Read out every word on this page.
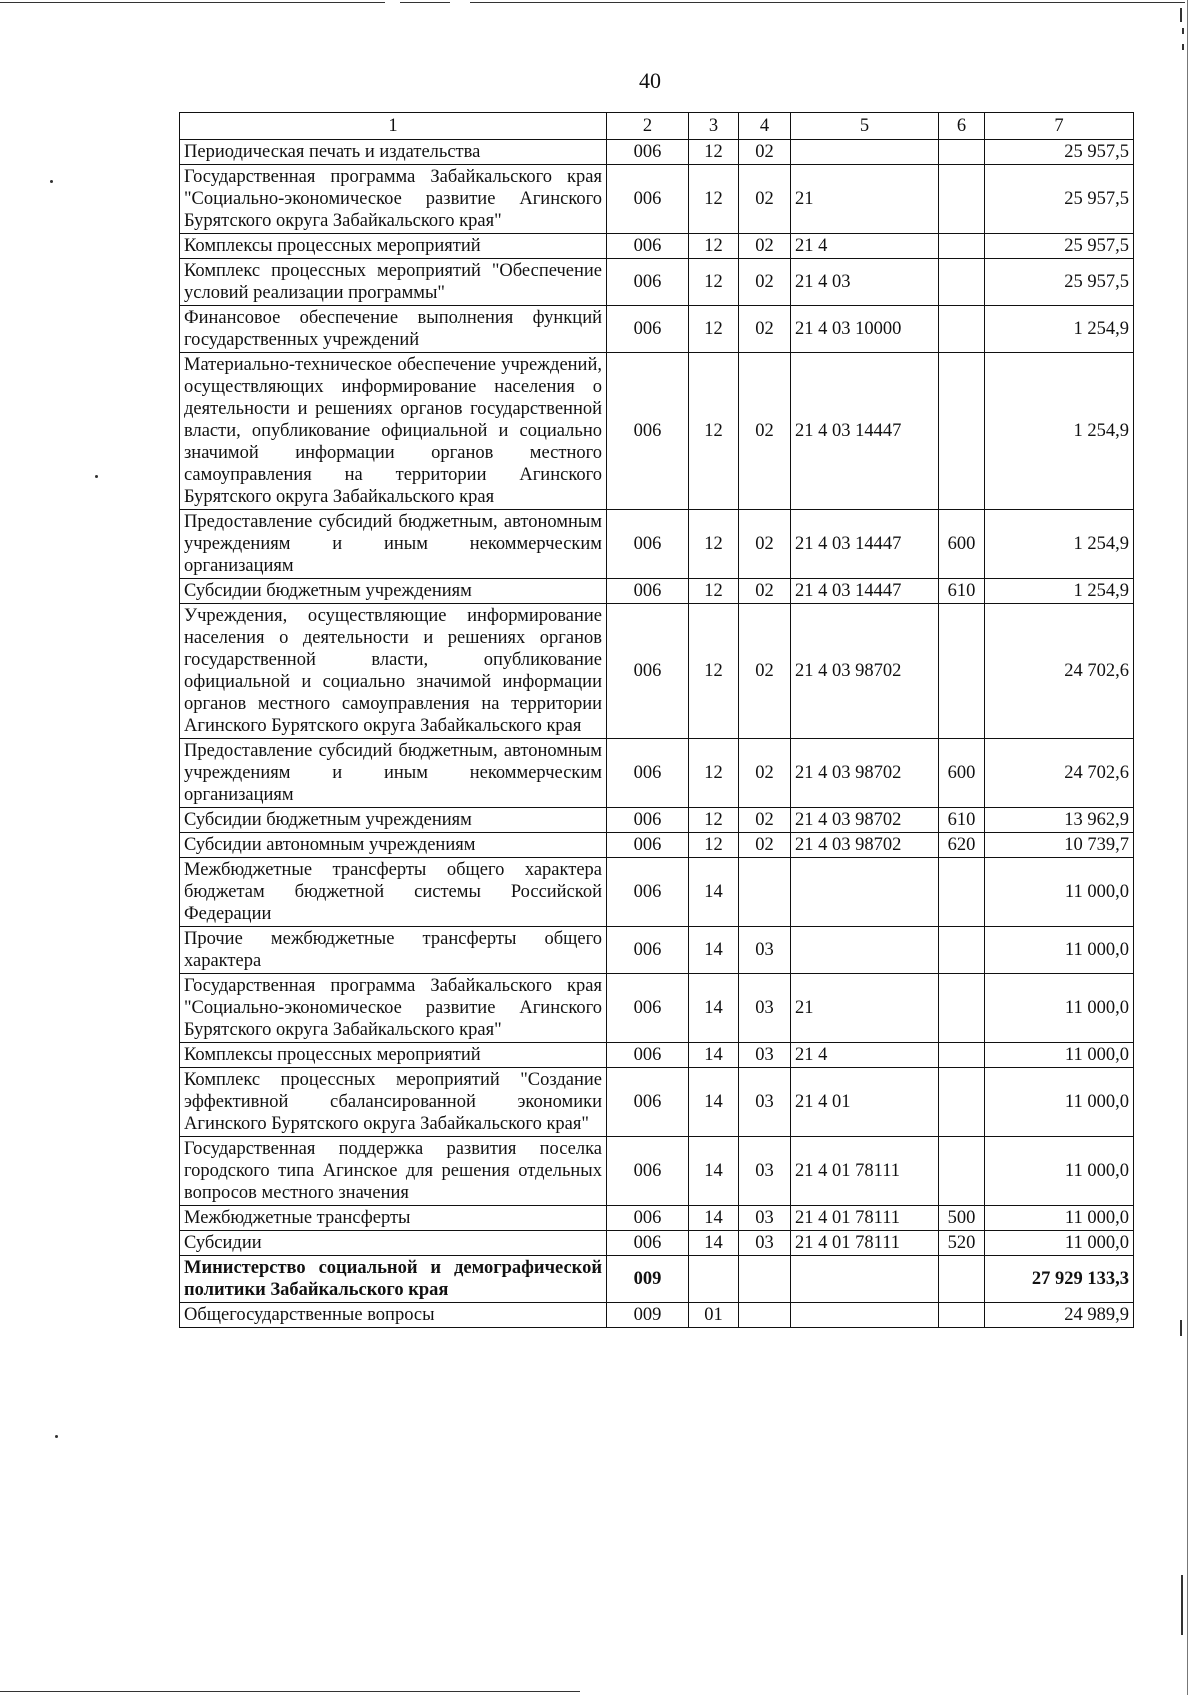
40
1	2	3	4	5	6	7
Периодическая печать и издательства	006	12	02			25 957,5
Государственная программа Забайкальского края "Социально-экономическое развитие Агинского Бурятского округа Забайкальского края"	006	12	02	21		25 957,5
Комплексы процессных мероприятий	006	12	02	21 4		25 957,5
Комплекс процессных мероприятий "Обеспечение условий реализации программы"	006	12	02	21 4 03		25 957,5
Финансовое обеспечение выполнения функций государственных учреждений	006	12	02	21 4 03 10000		1 254,9
Материально-техническое обеспечение учреждений, осуществляющих информирование населения о деятельности и решениях органов государственной власти, опубликование официальной и социально значимой информации органов местного самоуправления на территории Агинского Бурятского округа Забайкальского края	006	12	02	21 4 03 14447		1 254,9
Предоставление субсидий бюджетным, автономным учреждениям и иным некоммерческим организациям	006	12	02	21 4 03 14447	600	1 254,9
Субсидии бюджетным учреждениям	006	12	02	21 4 03 14447	610	1 254,9
Учреждения, осуществляющие информирование населения о деятельности и решениях органов государственной власти, опубликование официальной и социально значимой информации органов местного самоуправления на территории Агинского Бурятского округа Забайкальского края	006	12	02	21 4 03 98702		24 702,6
Предоставление субсидий бюджетным, автономным учреждениям и иным некоммерческим организациям	006	12	02	21 4 03 98702	600	24 702,6
Субсидии бюджетным учреждениям	006	12	02	21 4 03 98702	610	13 962,9
Субсидии автономным учреждениям	006	12	02	21 4 03 98702	620	10 739,7
Межбюджетные трансферты общего характера бюджетам бюджетной системы Российской Федерации	006	14				11 000,0
Прочие межбюджетные трансферты общего характера	006	14	03			11 000,0
Государственная программа Забайкальского края "Социально-экономическое развитие Агинского Бурятского округа Забайкальского края"	006	14	03	21		11 000,0
Комплексы процессных мероприятий	006	14	03	21 4		11 000,0
Комплекс процессных мероприятий "Создание эффективной сбалансированной экономики Агинского Бурятского округа Забайкальского края"	006	14	03	21 4 01		11 000,0
Государственная поддержка развития поселка городского типа Агинское для решения отдельных вопросов местного значения	006	14	03	21 4 01 78111		11 000,0
Межбюджетные трансферты	006	14	03	21 4 01 78111	500	11 000,0
Субсидии	006	14	03	21 4 01 78111	520	11 000,0
Министерство социальной и демографической политики Забайкальского края	009					27 929 133,3
Общегосударственные вопросы	009	01				24 989,9
